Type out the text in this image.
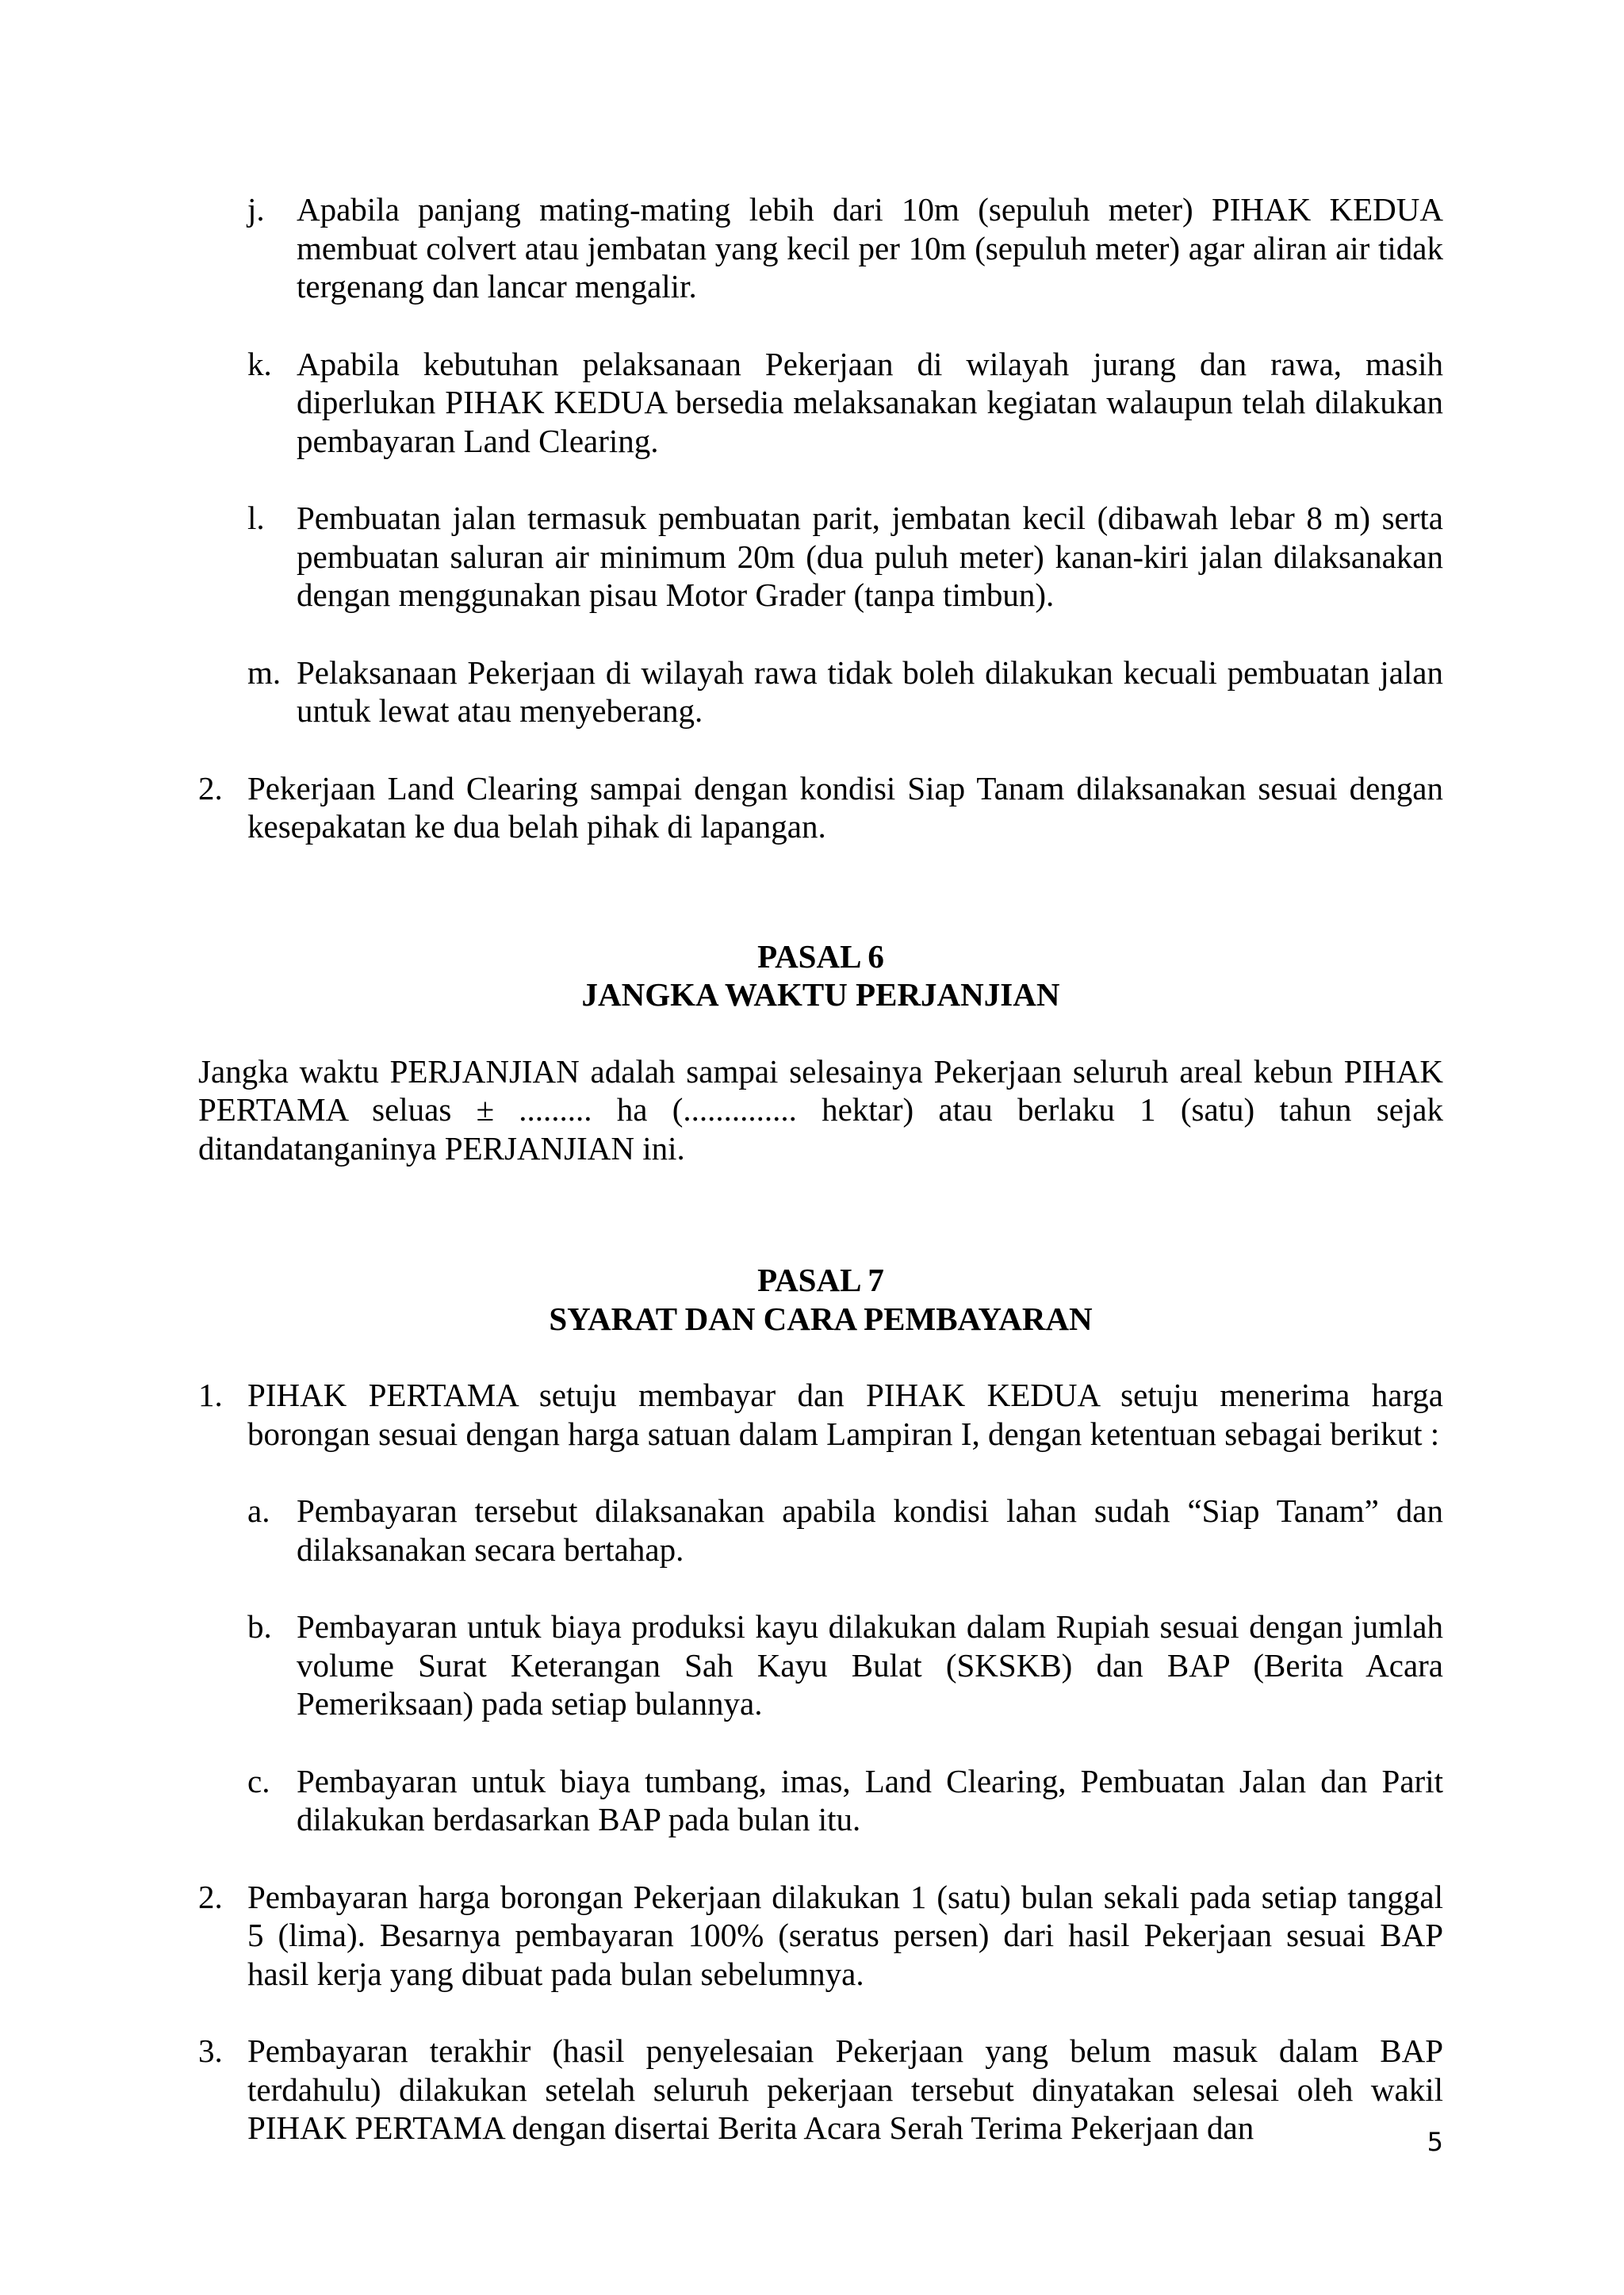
j. Apabila panjang mating-mating lebih dari 10m (sepuluh meter) PIHAK KEDUA membuat colvert atau jembatan yang kecil per 10m (sepuluh meter) agar aliran air tidak tergenang dan lancar mengalir.
k. Apabila kebutuhan pelaksanaan Pekerjaan di wilayah jurang dan rawa, masih diperlukan PIHAK KEDUA bersedia melaksanakan kegiatan walaupun telah dilakukan pembayaran Land Clearing.
l. Pembuatan jalan termasuk pembuatan parit, jembatan kecil (dibawah lebar 8 m) serta pembuatan saluran air minimum 20m (dua puluh meter) kanan-kiri jalan dilaksanakan dengan menggunakan pisau Motor Grader (tanpa timbun).
m. Pelaksanaan Pekerjaan di wilayah rawa tidak boleh dilakukan kecuali pembuatan jalan untuk lewat atau menyeberang.
2. Pekerjaan Land Clearing sampai dengan kondisi Siap Tanam dilaksanakan sesuai dengan kesepakatan ke dua belah pihak di lapangan.
PASAL 6
JANGKA WAKTU PERJANJIAN
Jangka waktu PERJANJIAN adalah sampai selesainya Pekerjaan seluruh areal kebun PIHAK PERTAMA seluas ± ......... ha (.............. hektar) atau berlaku 1 (satu) tahun sejak ditandatanganinya PERJANJIAN ini.
PASAL 7
SYARAT DAN CARA PEMBAYARAN
1. PIHAK PERTAMA setuju membayar dan PIHAK KEDUA setuju menerima harga borongan sesuai dengan harga satuan dalam Lampiran I, dengan ketentuan sebagai berikut :
a. Pembayaran tersebut dilaksanakan apabila kondisi lahan sudah “Siap Tanam” dan dilaksanakan secara bertahap.
b. Pembayaran untuk biaya produksi kayu dilakukan dalam Rupiah sesuai dengan jumlah volume Surat Keterangan Sah Kayu Bulat (SKSKB) dan BAP (Berita Acara Pemeriksaan) pada setiap bulannya.
c. Pembayaran untuk biaya tumbang, imas, Land Clearing, Pembuatan Jalan dan Parit dilakukan berdasarkan BAP pada bulan itu.
2. Pembayaran harga borongan Pekerjaan dilakukan 1 (satu) bulan sekali pada setiap tanggal 5 (lima). Besarnya pembayaran 100% (seratus persen) dari hasil Pekerjaan sesuai BAP hasil kerja yang dibuat pada bulan sebelumnya.
3. Pembayaran terakhir (hasil penyelesaian Pekerjaan yang belum masuk dalam BAP terdahulu) dilakukan setelah seluruh pekerjaan tersebut dinyatakan selesai oleh wakil PIHAK PERTAMA dengan disertai Berita Acara Serah Terima Pekerjaan dan	5
